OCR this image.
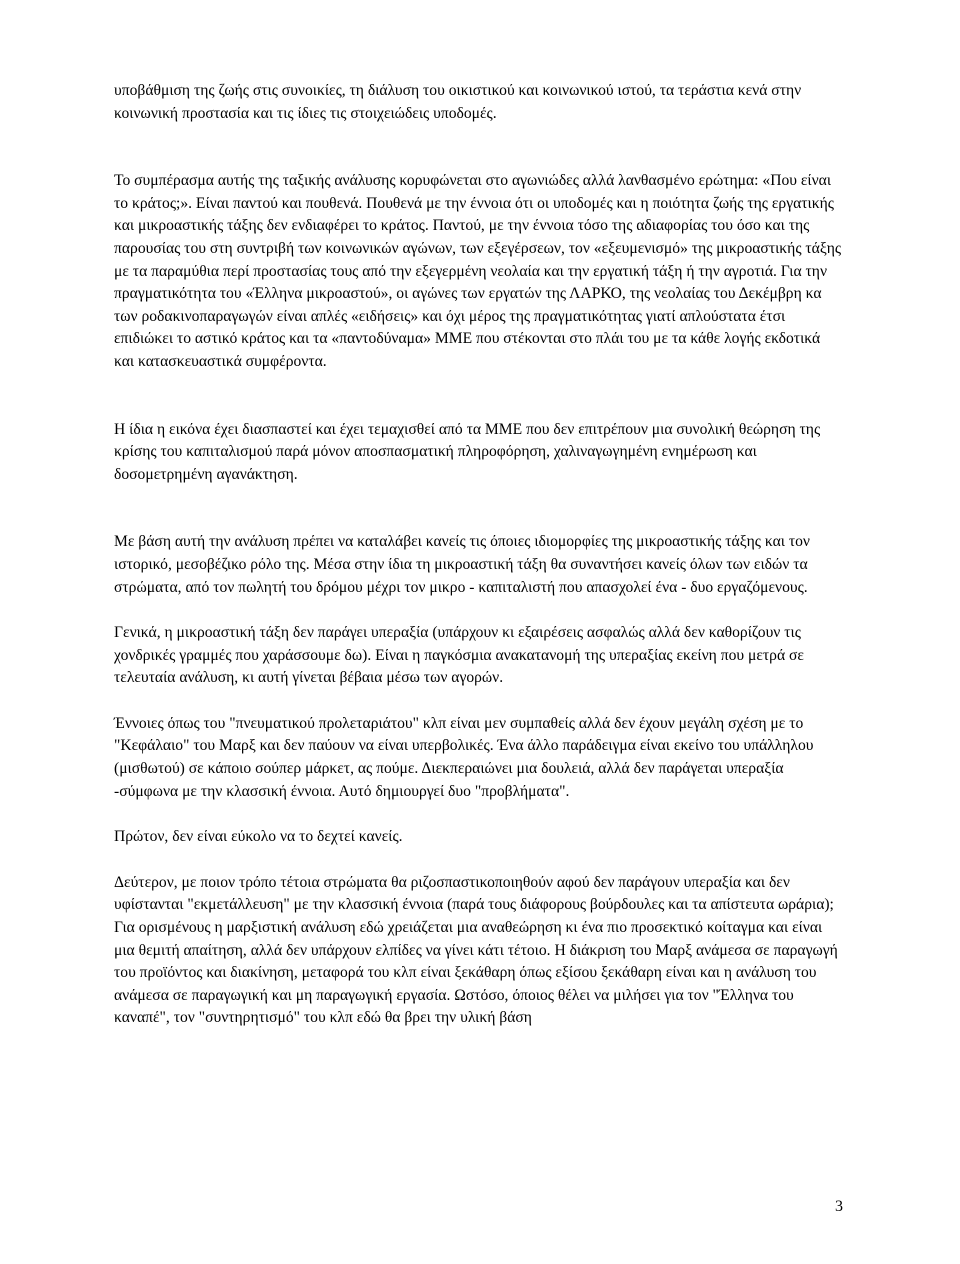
υποβάθμιση της ζωής στις συνοικίες, τη διάλυση του οικιστικού και κοινωνικού ιστού, τα τεράστια κενά στην κοινωνική προστασία και τις ίδιες τις στοιχειώδεις υποδομές.

Το συμπέρασμα αυτής της ταξικής ανάλυσης κορυφώνεται στο αγωνιώδες αλλά λανθασμένο ερώτημα: «Που είναι το κράτος;». Είναι παντού και πουθενά. Πουθενά με την έννοια ότι οι υποδομές και η ποιότητα ζωής της εργατικής και μικροαστικής τάξης δεν ενδιαφέρει το κράτος. Παντού, με την έννοια τόσο της αδιαφορίας του όσο και της παρουσίας του στη συντριβή των κοινωνικών αγώνων, των εξεγέρσεων, τον «εξευμενισμό» της μικροαστικής τάξης με τα παραμύθια περί προστασίας τους από την εξεγερμένη νεολαία και την εργατική τάξη ή την αγροτιά. Για την πραγματικότητα του «Έλληνα μικροαστού», οι αγώνες των εργατών της ΛΑΡΚΟ, της νεολαίας του Δεκέμβρη κα των ροδακινοπαραγωγών είναι απλές «ειδήσεις» και όχι μέρος της πραγματικότητας γιατί απλούστατα έτσι επιδιώκει το αστικό κράτος και τα «παντοδύναμα» ΜΜΕ που στέκονται στο πλάι του με τα κάθε λογής εκδοτικά και κατασκευαστικά συμφέροντα.

Η ίδια η εικόνα έχει διασπαστεί και έχει τεμαχισθεί από τα ΜΜΕ που δεν επιτρέπουν μια συνολική θεώρηση της κρίσης του καπιταλισμού παρά μόνον αποσπασματική πληροφόρηση, χαλιναγωγημένη ενημέρωση και δοσομετρημένη αγανάκτηση.

Με βάση αυτή την ανάλυση πρέπει να καταλάβει κανείς τις όποιες ιδιομορφίες της μικροαστικής τάξης και τον ιστορικό, μεσοβέζικο ρόλο της. Μέσα στην ίδια τη μικροαστική τάξη θα συναντήσει κανείς όλων των ειδών τα στρώματα, από τον πωλητή του δρόμου μέχρι τον μικρο - καπιταλιστή που απασχολεί ένα - δυο εργαζόμενους.

Γενικά, η μικροαστική τάξη δεν παράγει υπεραξία (υπάρχουν κι εξαιρέσεις ασφαλώς αλλά δεν καθορίζουν τις χονδρικές γραμμές που χαράσσουμε δω). Είναι η παγκόσμια ανακατανομή της υπεραξίας εκείνη που μετρά σε τελευταία ανάλυση, κι αυτή γίνεται βέβαια μέσω των αγορών.

Έννοιες όπως του "πνευματικού προλεταριάτου" κλπ είναι μεν συμπαθείς αλλά δεν έχουν μεγάλη σχέση με το "Κεφάλαιο" του Μαρξ και δεν παύουν να είναι υπερβολικές. Ένα άλλο παράδειγμα είναι εκείνο του υπάλληλου (μισθωτού) σε κάποιο σούπερ μάρκετ, ας πούμε. Διεκπεραιώνει μια δουλειά, αλλά δεν παράγεται υπεραξία -σύμφωνα με την κλασσική έννοια. Αυτό δημιουργεί δυο "προβλήματα".

Πρώτον, δεν είναι εύκολο να το δεχτεί κανείς.

Δεύτερον, με ποιον τρόπο τέτοια στρώματα θα ριζοσπαστικοποιηθούν αφού δεν παράγουν υπεραξία και δεν υφίστανται "εκμετάλλευση" με την κλασσική έννοια (παρά τους διάφορους βούρδουλες και τα απίστευτα ωράρια); Για ορισμένους η μαρξιστική ανάλυση εδώ χρειάζεται μια αναθεώρηση κι ένα πιο προσεκτικό κοίταγμα και είναι μια θεμιτή απαίτηση, αλλά δεν υπάρχουν ελπίδες να γίνει κάτι τέτοιο. Η διάκριση του Μαρξ ανάμεσα σε παραγωγή του προϊόντος και διακίνηση, μεταφορά του κλπ είναι ξεκάθαρη όπως εξίσου ξεκάθαρη είναι και η ανάλυση του ανάμεσα σε παραγωγική και μη παραγωγική εργασία. Ωστόσο, όποιος θέλει να μιλήσει για τον "Έλληνα του καναπέ", τον "συντηρητισμό" του κλπ εδώ θα βρει την υλική βάση

3
